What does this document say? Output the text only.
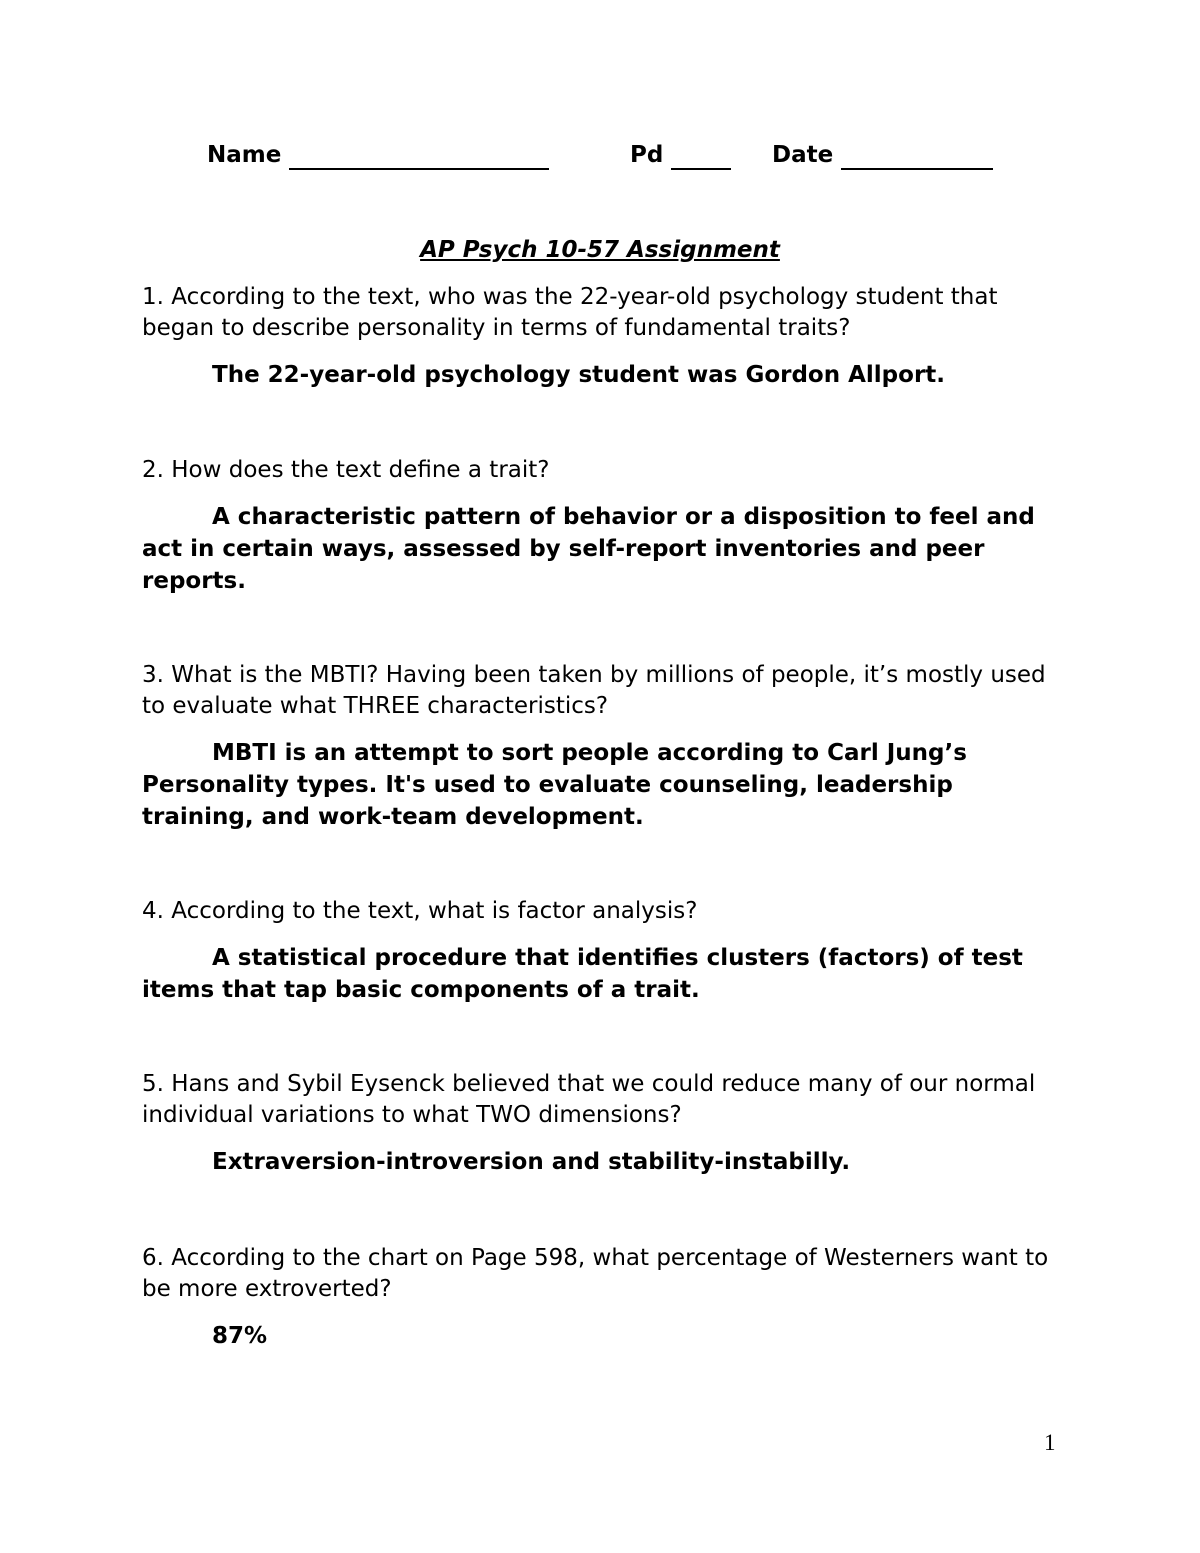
Name	Pd	Date
AP Psych 10-57 Assignment

1. According to the text, who was the 22-year-old psychology student that began to describe personality in terms of fundamental traits?

The 22-year-old psychology student was Gordon Allport.

2. How does the text define a trait?

A characteristic pattern of behavior or a disposition to feel and act in certain ways, assessed by self-report inventories and peer reports.

3. What is the MBTI? Having been taken by millions of people, it’s mostly used to evaluate what THREE characteristics?

MBTI is an attempt to sort people according to Carl Jung’s Personality types. It's used to evaluate counseling, leadership training, and work-team development.

4. According to the text, what is factor analysis?

A statistical procedure that identifies clusters (factors) of test items that tap basic components of a trait.

5. Hans and Sybil Eysenck believed that we could reduce many of our normal individual variations to what TWO dimensions?

Extraversion-introversion and stability-instabilly.

6. According to the chart on Page 598, what percentage of Westerners want to be more extroverted?

87%

1
